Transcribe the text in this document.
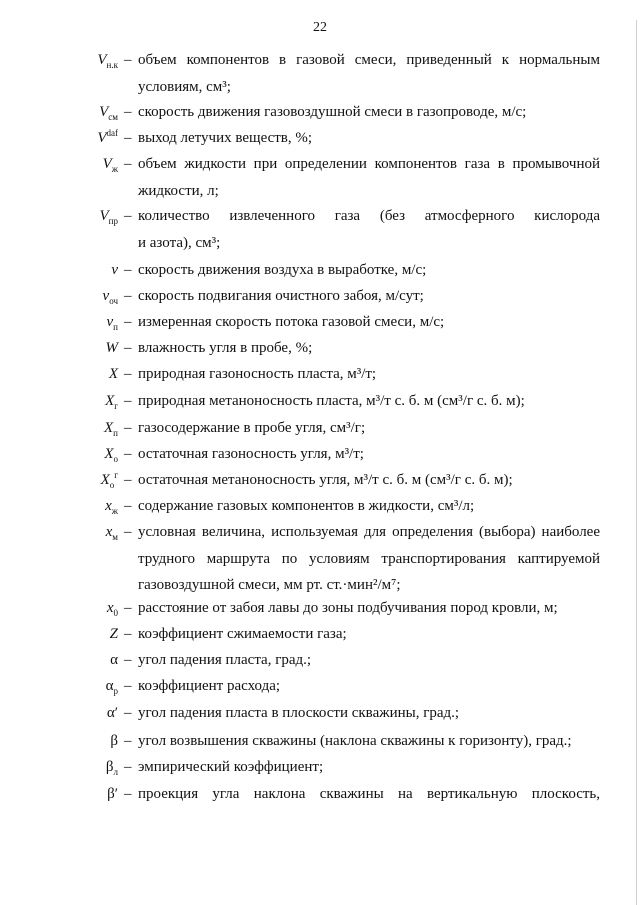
22
$V_{н.к}$ – объем компонентов в газовой смеси, приведенный к нормальным
условиям, см³;
$V_{см}$ – скорость движения газовоздушной смеси в газопроводе, м/с;
$V^{daf}$ – выход летучих веществ, %;
$V_ж$ – объем жидкости при определении компонентов газа в промывочной
жидкости, л;
$V_{пр}$ – количество извлеченного газа (без атмосферного кислорода
и азота), см³;
v – скорость движения воздуха в выработке, м/с;
$v_{оч}$ – скорость подвигания очистного забоя, м/сут;
$v_п$ – измеренная скорость потока газовой смеси, м/с;
W – влажность угля в пробе, %;
X – природная газоносность пласта, м³/т;
$X_г$ – природная метаноносность пласта, м³/т с. б. м (см³/г с. б. м);
$X_п$ – газосодержание в пробе угля, см³/г;
$X_о$ – остаточная газоносность угля, м³/т;
$X_о^г$ – остаточная метаноносность угля, м³/т с. б. м (см³/г с. б. м);
$x_ж$ – содержание газовых компонентов в жидкости, см³/л;
$x_м$ – условная величина, используемая для определения (выбора) наиболее
трудного маршрута по условиям транспортирования каптируемой
газовоздушной смеси, мм рт. ст.·мин²/м⁷;
$x_0$ – расстояние от забоя лавы до зоны подбучивания пород кровли, м;
Z – коэффициент сжимаемости газа;
α – угол падения пласта, град.;
$\alpha_р$ – коэффициент расхода;
α′ – угол падения пласта в плоскости скважины, град.;
β – угол возвышения скважины (наклона скважины к горизонту), град.;
$\beta_л$ – эмпирический коэффициент;
β′ – проекция угла наклона скважины на вертикальную плоскость,
